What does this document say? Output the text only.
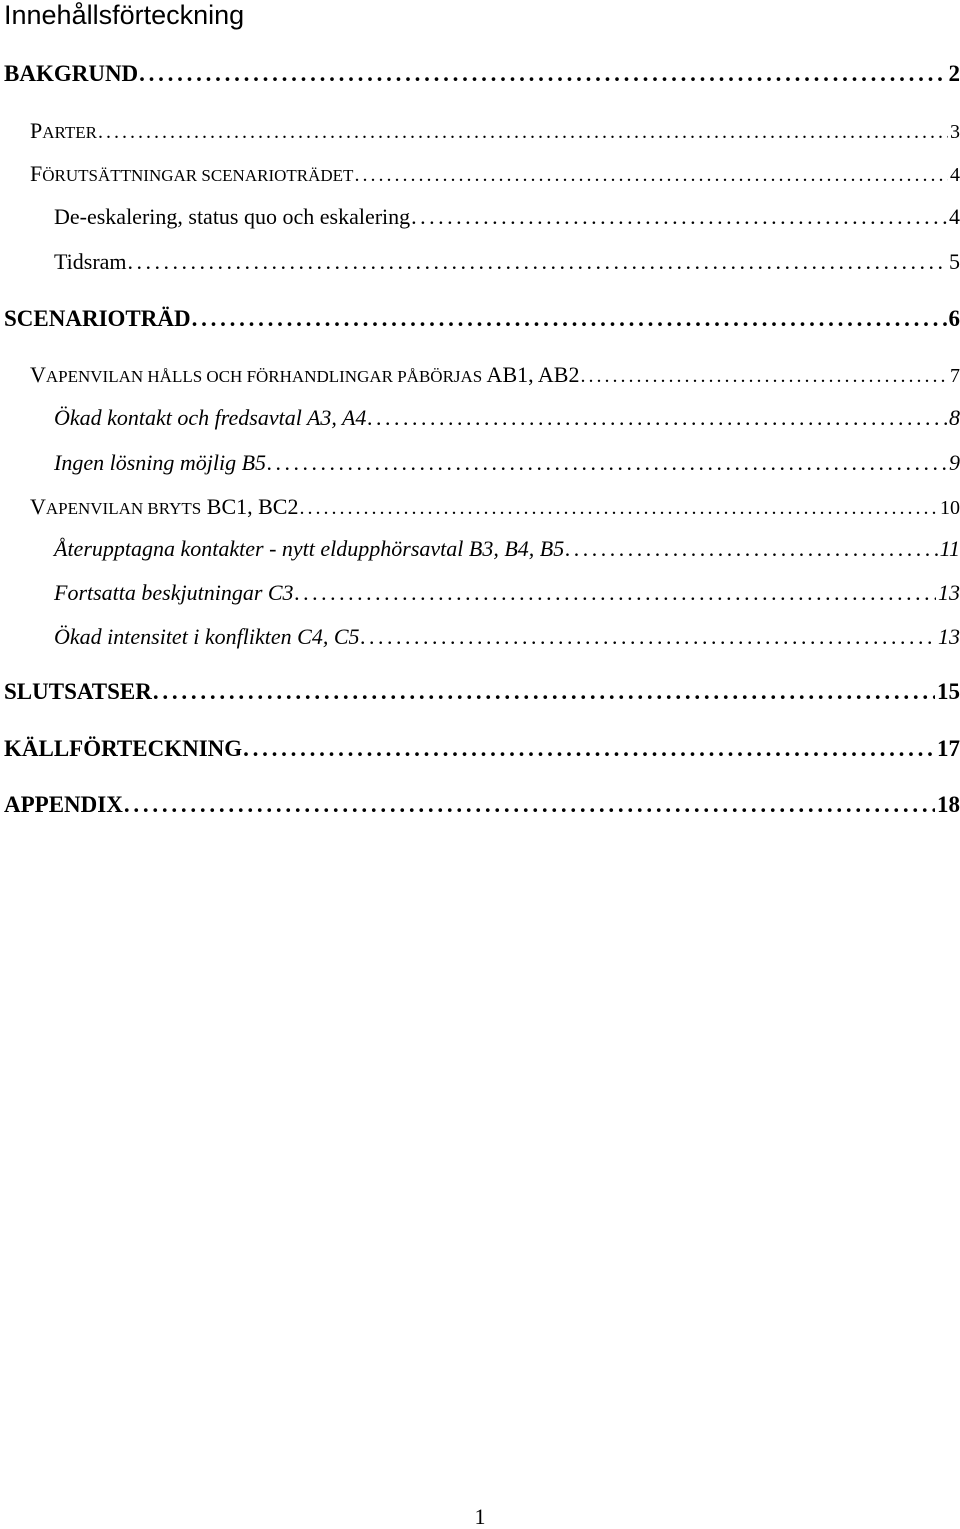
Innehållsförteckning
BAKGRUND . . .	2
PARTER . . .	3
FÖRUTSÄTTNINGAR SCENARIOTRÄDET . . .	4
De-eskalering, status quo och eskalering . . .	4
Tidsram . . .	5
SCENARIOTRÄD . . .	6
VAPENVILAN HÅLLS OCH FÖRHANDLINGAR PÅBÖRJAS AB1, AB2 . . .	7
Ökad kontakt och fredsavtal A3, A4 . . .	8
Ingen lösning möjlig B5 . . .	9
VAPENVILAN BRYTS BC1, BC2 . . .	10
Återupptagna kontakter - nytt eldupphörsavtal B3, B4, B5 . . .	11
Fortsatta beskjutningar C3 . . .	13
Ökad intensitet i konflikten C4, C5 . . .	13
SLUTSATSER . . .	15
KÄLLFÖRTECKNING . . .	17
APPENDIX . . .	18
1
